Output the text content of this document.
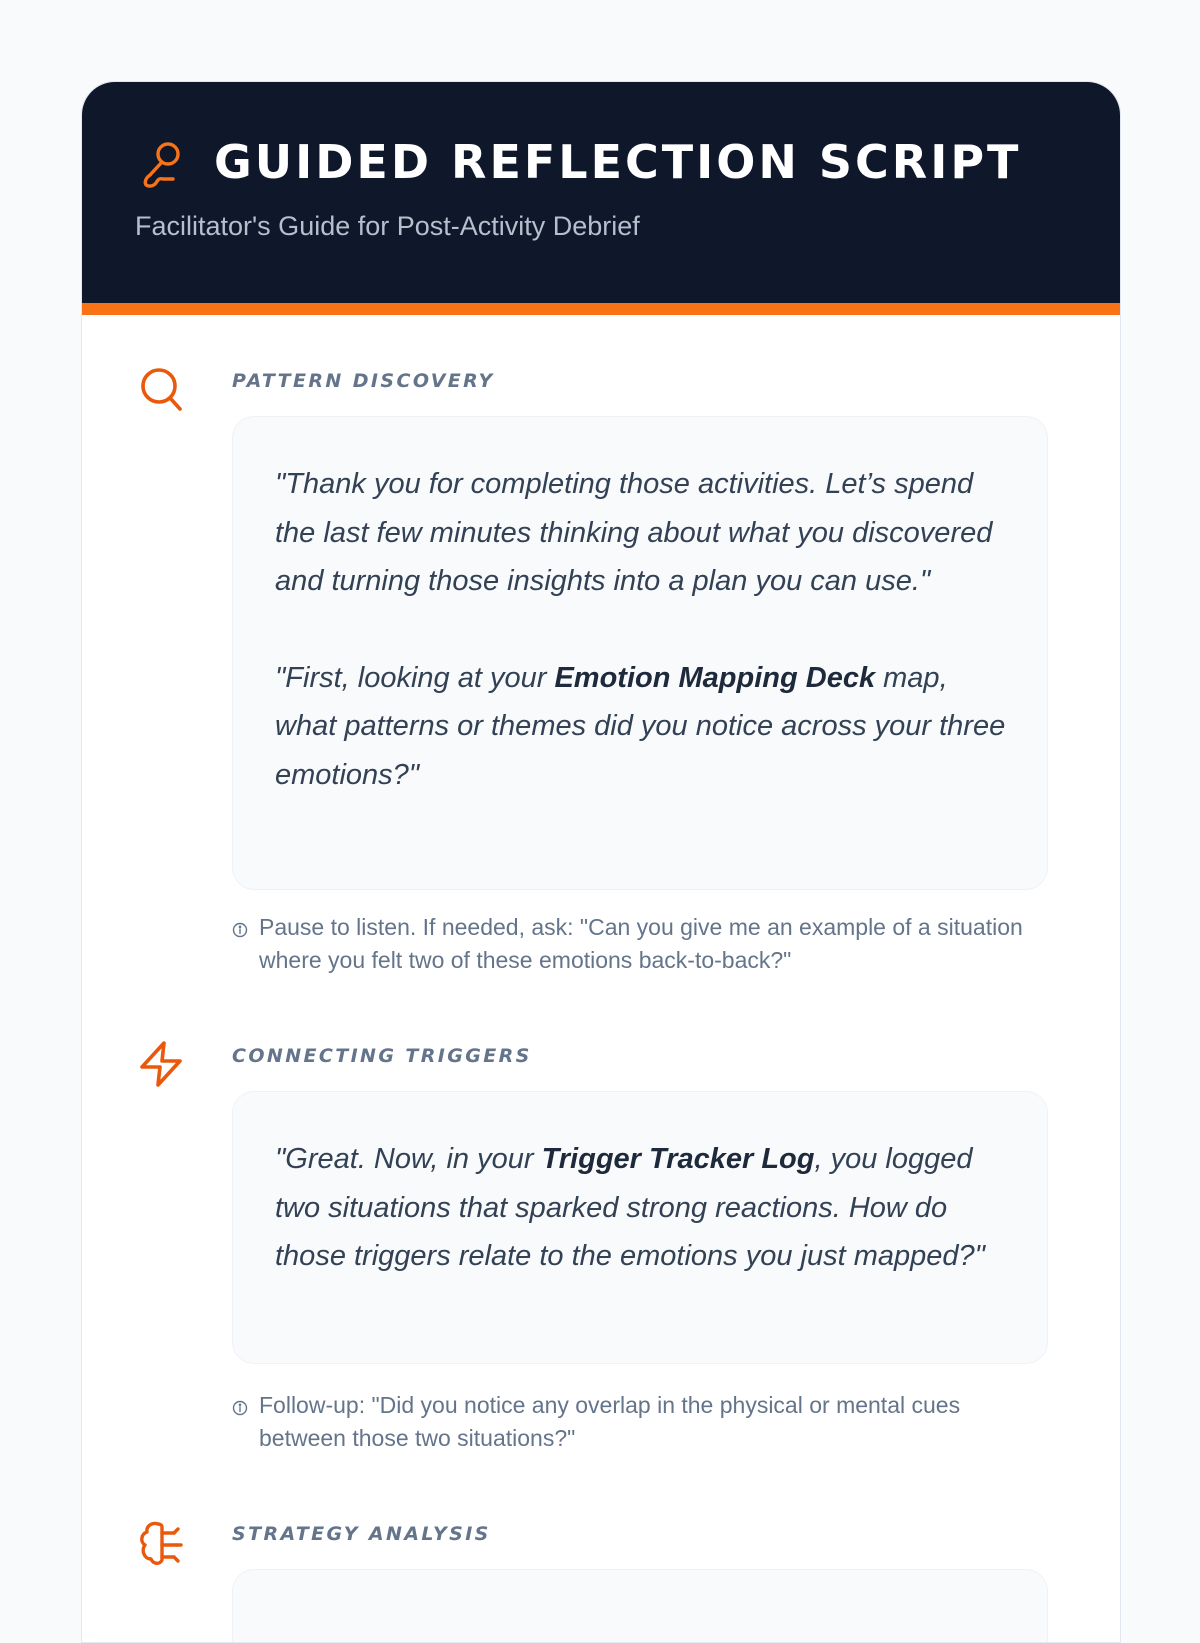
GUIDED REFLECTION SCRIPT
Facilitator's Guide for Post-Activity Debrief
PATTERN DISCOVERY

"Thank you for completing those activities. Let’s spend the last few minutes thinking about what you discovered and turning those insights into a plan you can use."

"First, looking at your Emotion Mapping Deck map, what patterns or themes did you notice across your three emotions?"

Pause to listen. If needed, ask: "Can you give me an example of a situation where you felt two of these emotions back-to-back?"
CONNECTING TRIGGERS

"Great. Now, in your Trigger Tracker Log, you logged two situations that sparked strong reactions. How do those triggers relate to the emotions you just mapped?"

Follow-up: "Did you notice any overlap in the physical or mental cues between those two situations?"
STRATEGY ANALYSIS
